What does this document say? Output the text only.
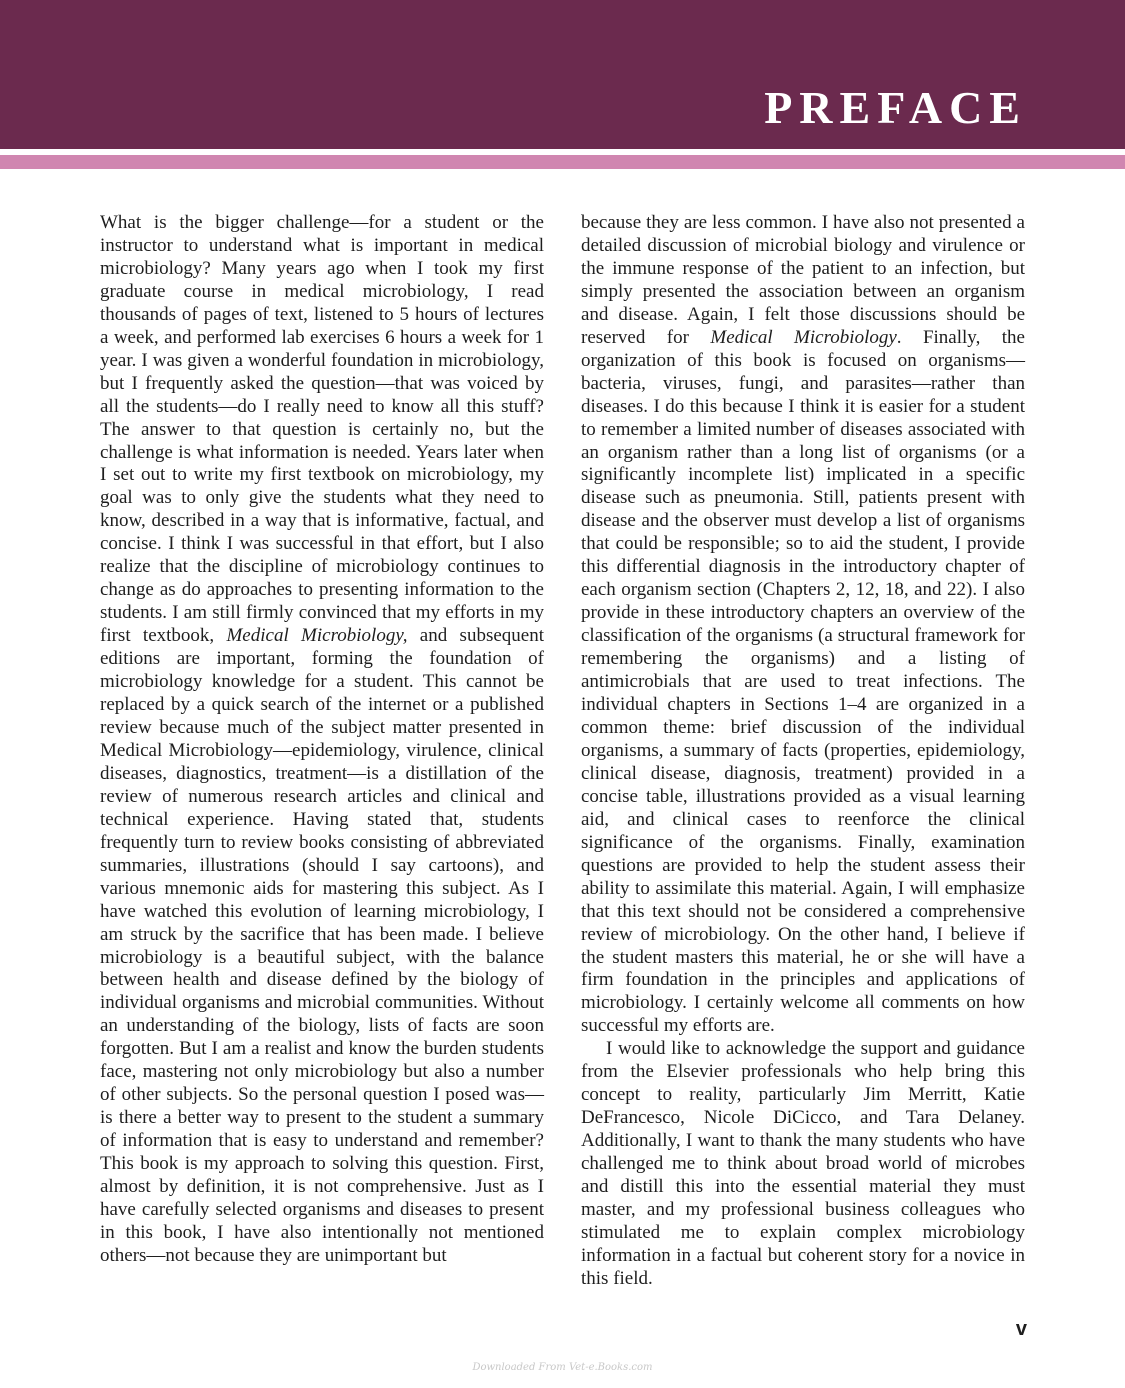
PREFACE

What is the bigger challenge—for a student or the instructor to understand what is important in medical microbiology? Many years ago when I took my first graduate course in medical microbiology, I read thousands of pages of text, listened to 5 hours of lectures a week, and performed lab exercises 6 hours a week for 1 year. I was given a wonderful foundation in microbiology, but I frequently asked the question—that was voiced by all the students—do I really need to know all this stuff? The answer to that question is certainly no, but the challenge is what information is needed. Years later when I set out to write my first textbook on microbiology, my goal was to only give the students what they need to know, described in a way that is informative, factual, and concise. I think I was successful in that effort, but I also realize that the discipline of microbiology continues to change as do approaches to presenting information to the students. I am still firmly convinced that my efforts in my first textbook, Medical Microbiology, and subsequent editions are important, forming the foundation of microbiology knowledge for a student. This cannot be replaced by a quick search of the internet or a published review because much of the subject matter presented in Medical Microbiology—epidemiology, virulence, clinical diseases, diagnostics, treatment—is a distillation of the review of numerous research articles and clinical and technical experience. Having stated that, students frequently turn to review books consisting of abbreviated summaries, illustrations (should I say cartoons), and various mnemonic aids for mastering this subject. As I have watched this evolution of learning microbiology, I am struck by the sacrifice that has been made. I believe microbiology is a beautiful subject, with the balance between health and disease defined by the biology of individual organisms and microbial communities. Without an understanding of the biology, lists of facts are soon forgotten. But I am a realist and know the burden students face, mastering not only microbiology but also a number of other subjects. So the personal question I posed was—is there a better way to present to the student a summary of information that is easy to understand and remember? This book is my approach to solving this question. First, almost by definition, it is not comprehensive. Just as I have carefully selected organisms and diseases to present in this book, I have also intentionally not mentioned others—not because they are unimportant but

because they are less common. I have also not presented a detailed discussion of microbial biology and virulence or the immune response of the patient to an infection, but simply presented the association between an organism and disease. Again, I felt those discussions should be reserved for Medical Microbiology. Finally, the organization of this book is focused on organisms—bacteria, viruses, fungi, and parasites—rather than diseases. I do this because I think it is easier for a student to remember a limited number of diseases associated with an organism rather than a long list of organisms (or a significantly incomplete list) implicated in a specific disease such as pneumonia. Still, patients present with disease and the observer must develop a list of organisms that could be responsible; so to aid the student, I provide this differential diagnosis in the introductory chapter of each organism section (Chapters 2, 12, 18, and 22). I also provide in these introductory chapters an overview of the classification of the organisms (a structural framework for remembering the organisms) and a listing of antimicrobials that are used to treat infections. The individual chapters in Sections 1–4 are organized in a common theme: brief discussion of the individual organisms, a summary of facts (properties, epidemiology, clinical disease, diagnosis, treatment) provided in a concise table, illustrations provided as a visual learning aid, and clinical cases to reenforce the clinical significance of the organisms. Finally, examination questions are provided to help the student assess their ability to assimilate this material. Again, I will emphasize that this text should not be considered a comprehensive review of microbiology. On the other hand, I believe if the student masters this material, he or she will have a firm foundation in the principles and applications of microbiology. I certainly welcome all comments on how successful my efforts are.

I would like to acknowledge the support and guidance from the Elsevier professionals who help bring this concept to reality, particularly Jim Merritt, Katie DeFrancesco, Nicole DiCicco, and Tara Delaney. Additionally, I want to thank the many students who have challenged me to think about broad world of microbes and distill this into the essential material they must master, and my professional business colleagues who stimulated me to explain complex microbiology information in a factual but coherent story for a novice in this field.

v
Downloaded From Vet-e.Books.com
